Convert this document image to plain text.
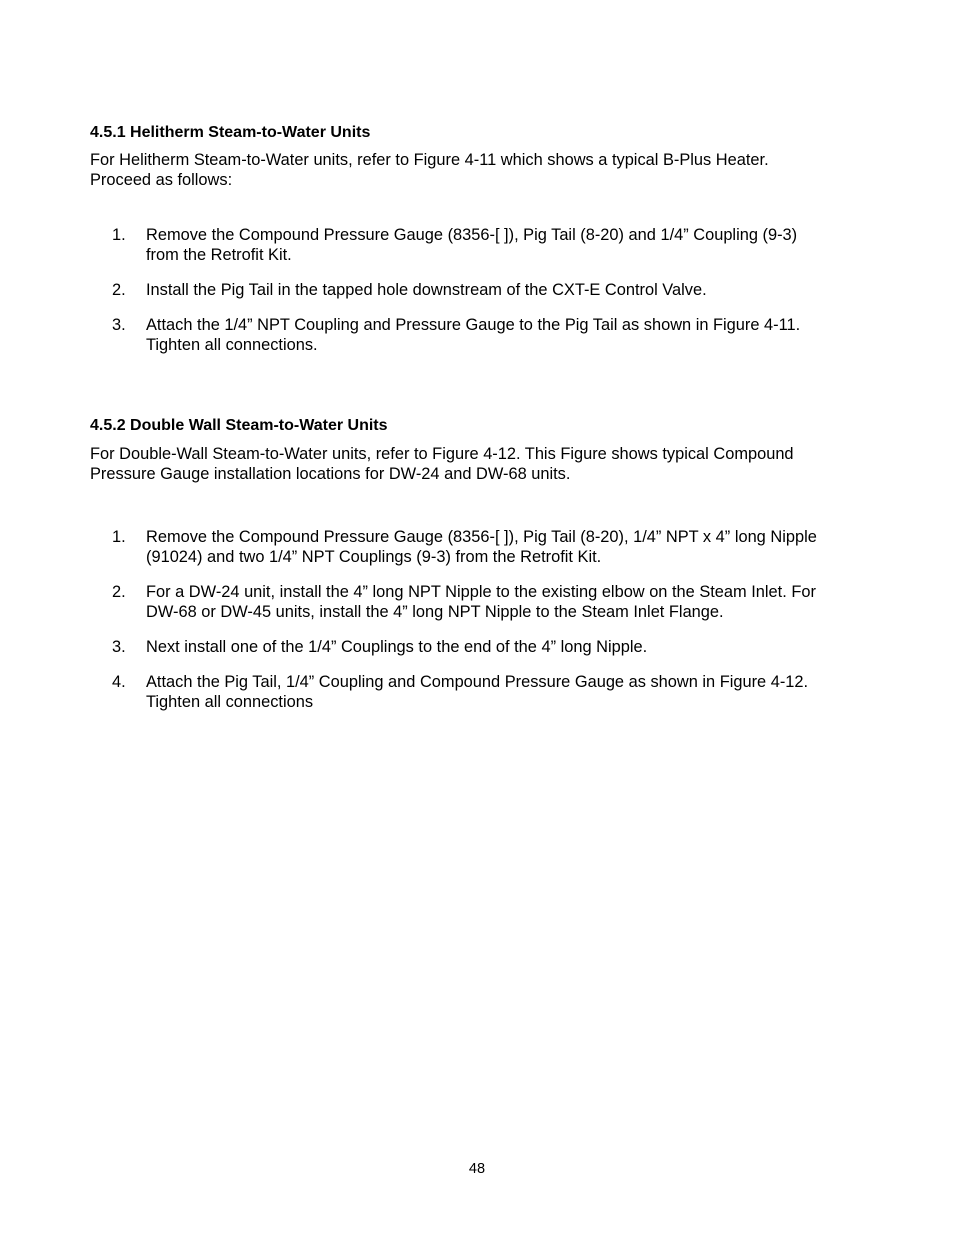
4.5.1 Helitherm Steam-to-Water Units
For Helitherm Steam-to-Water units, refer to Figure 4-11 which shows a typical B-Plus Heater.
Proceed as follows:
1.	Remove the Compound Pressure Gauge (8356-[ ]), Pig Tail (8-20) and 1/4” Coupling (9-3)
from the Retrofit Kit.
2.	Install the Pig Tail in the tapped hole downstream of the CXT-E Control Valve.
3.	Attach the 1/4” NPT Coupling and Pressure Gauge to the Pig Tail as shown in Figure 4-11.
Tighten all connections.
4.5.2 Double Wall Steam-to-Water Units
For Double-Wall Steam-to-Water units, refer to Figure 4-12. This Figure shows typical Compound
Pressure Gauge installation locations for DW-24 and DW-68 units.
1.	Remove the Compound Pressure Gauge (8356-[ ]), Pig Tail (8-20), 1/4” NPT x 4” long Nipple
(91024) and two 1/4” NPT Couplings (9-3) from the Retrofit Kit.
2.	For a DW-24 unit, install the 4” long NPT Nipple to the existing elbow on the Steam Inlet. For
DW-68 or DW-45 units, install the 4” long NPT Nipple to the Steam Inlet Flange.
3.	Next install one of the 1/4” Couplings to the end of the 4” long Nipple.
4.	Attach the Pig Tail, 1/4” Coupling and Compound Pressure Gauge as shown in Figure 4-12.
Tighten all connections
48
